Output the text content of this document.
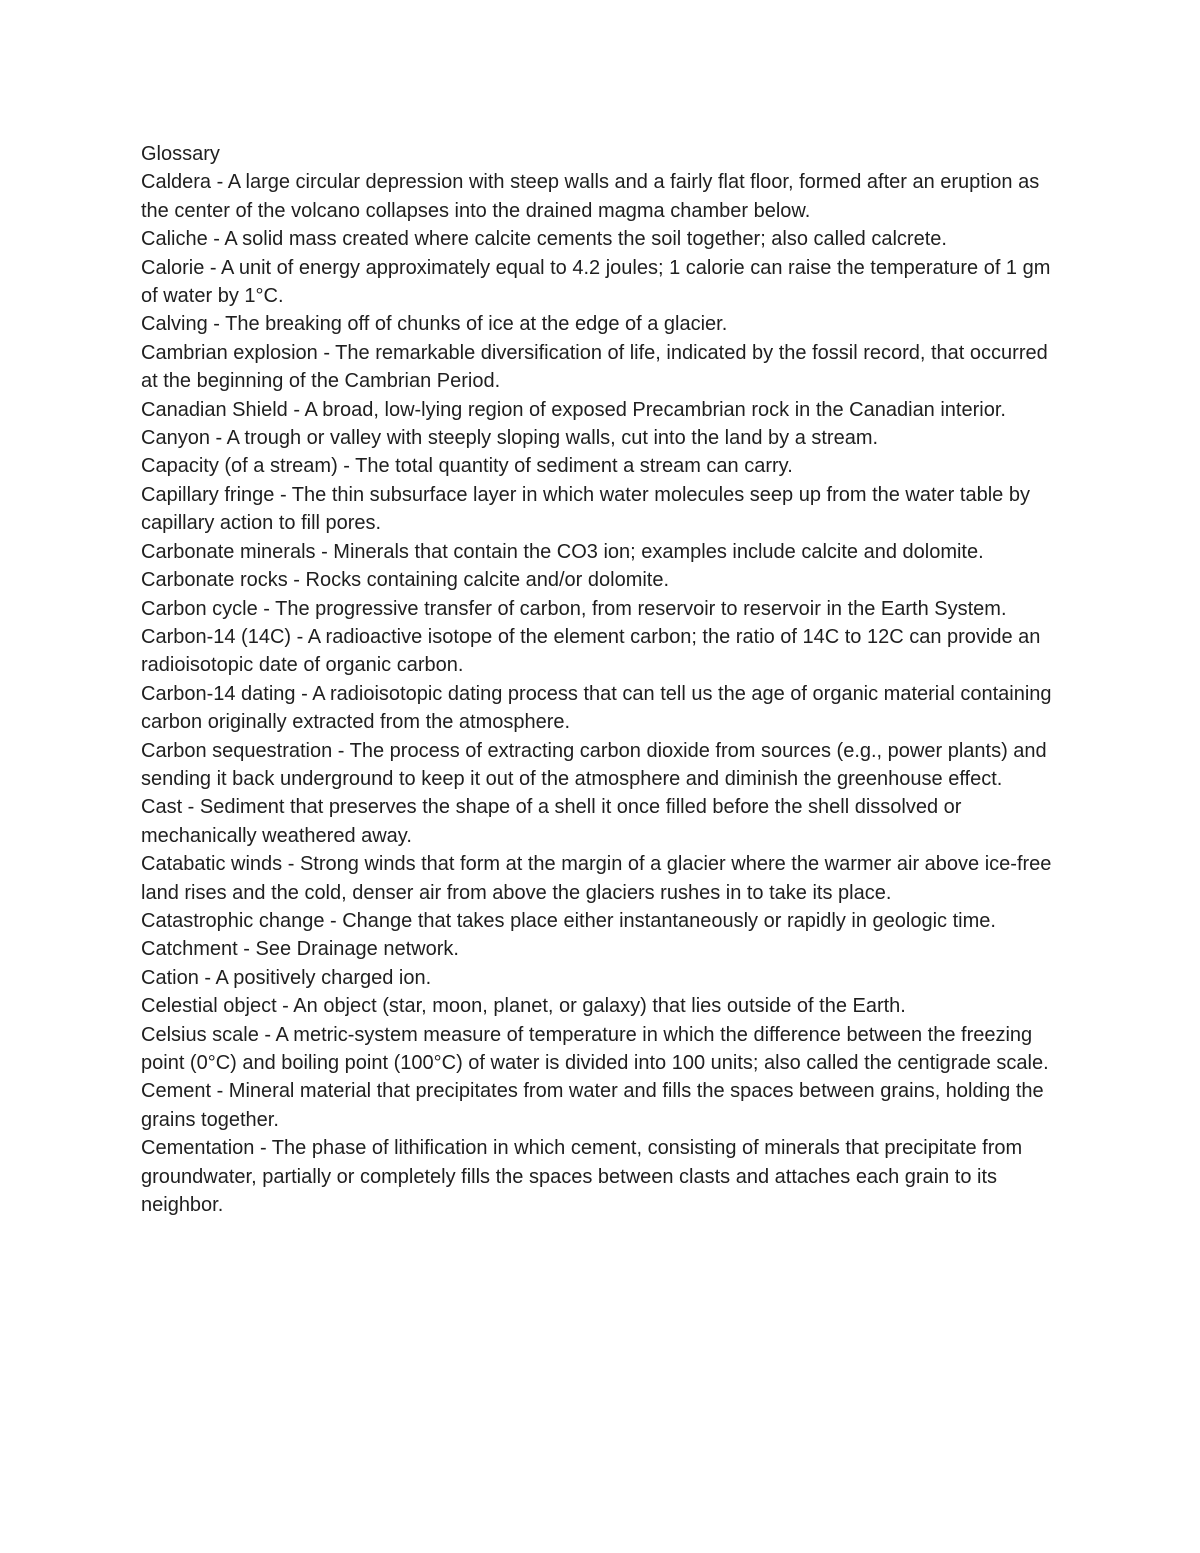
Glossary

Caldera - A large circular depression with steep walls and a fairly flat floor, formed after an eruption as the center of the volcano collapses into the drained magma chamber below.

Caliche - A solid mass created where calcite cements the soil together; also called calcrete.

Calorie - A unit of energy approximately equal to 4.2 joules; 1 calorie can raise the temperature of 1 gm of water by 1°C.

Calving - The breaking off of chunks of ice at the edge of a glacier.

Cambrian explosion - The remarkable diversification of life, indicated by the fossil record, that occurred at the beginning of the Cambrian Period.

Canadian Shield - A broad, low-lying region of exposed Precambrian rock in the Canadian interior.

Canyon - A trough or valley with steeply sloping walls, cut into the land by a stream.

Capacity (of a stream) - The total quantity of sediment a stream can carry.

Capillary fringe - The thin subsurface layer in which water molecules seep up from the water table by capillary action to fill pores.

Carbonate minerals - Minerals that contain the CO3 ion; examples include calcite and dolomite.

Carbonate rocks - Rocks containing calcite and/or dolomite.

Carbon cycle - The progressive transfer of carbon, from reservoir to reservoir in the Earth System.

Carbon-14 (14C) - A radioactive isotope of the element carbon; the ratio of 14C to 12C can provide an radioisotopic date of organic carbon.

Carbon-14 dating - A radioisotopic dating process that can tell us the age of organic material containing carbon originally extracted from the atmosphere.

Carbon sequestration - The process of extracting carbon dioxide from sources (e.g., power plants) and sending it back underground to keep it out of the atmosphere and diminish the greenhouse effect.

Cast - Sediment that preserves the shape of a shell it once filled before the shell dissolved or mechanically weathered away.

Catabatic winds - Strong winds that form at the margin of a glacier where the warmer air above ice-free land rises and the cold, denser air from above the glaciers rushes in to take its place.

Catastrophic change - Change that takes place either instantaneously or rapidly in geologic time.

Catchment - See Drainage network.

Cation - A positively charged ion.

Celestial object - An object (star, moon, planet, or galaxy) that lies outside of the Earth.

Celsius scale - A metric-system measure of temperature in which the difference between the freezing point (0°C) and boiling point (100°C) of water is divided into 100 units; also called the centigrade scale.

Cement - Mineral material that precipitates from water and fills the spaces between grains, holding the grains together.

Cementation - The phase of lithification in which cement, consisting of minerals that precipitate from groundwater, partially or completely fills the spaces between clasts and attaches each grain to its neighbor.
